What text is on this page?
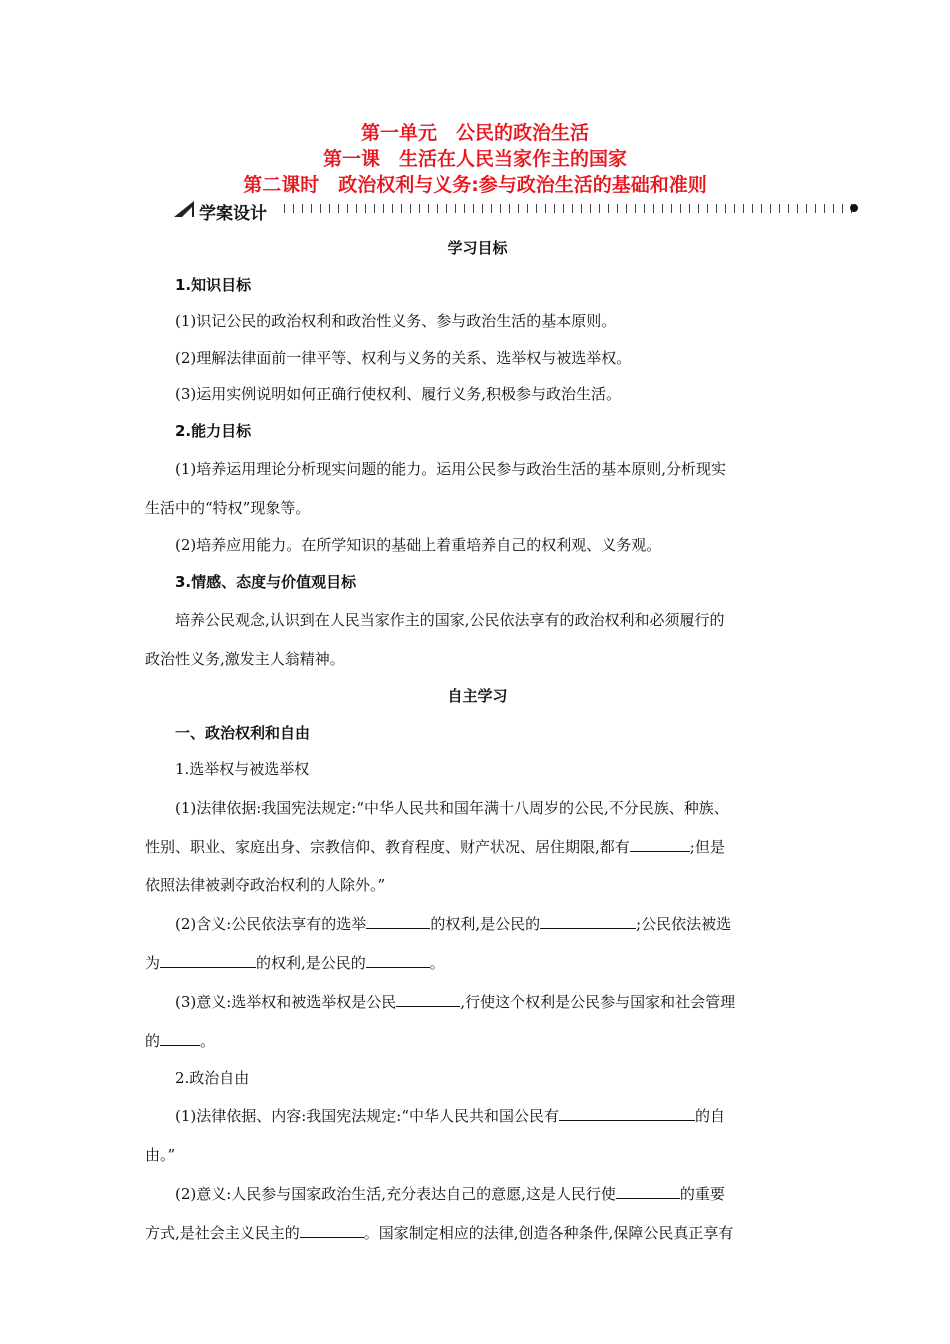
第一单元　公民的政治生活
第一课　生活在人民当家作主的国家
第二课时　政治权利与义务:参与政治生活的基础和准则
学案设计
学习目标
1.知识目标
(1)识记公民的政治权利和政治性义务、参与政治生活的基本原则。
(2)理解法律面前一律平等、权利与义务的关系、选举权与被选举权。
(3)运用实例说明如何正确行使权利、履行义务,积极参与政治生活。
2.能力目标
(1)培养运用理论分析现实问题的能力。运用公民参与政治生活的基本原则,分析现实
生活中的“特权”现象等。
(2)培养应用能力。在所学知识的基础上着重培养自己的权利观、义务观。
3.情感、态度与价值观目标
培养公民观念,认识到在人民当家作主的国家,公民依法享有的政治权利和必须履行的
政治性义务,激发主人翁精神。
自主学习
一、政治权利和自由
1.选举权与被选举权
(1)法律依据:我国宪法规定:“中华人民共和国年满十八周岁的公民,不分民族、种族、
性别、职业、家庭出身、宗教信仰、教育程度、财产状况、居住期限,都有	;但是
依照法律被剥夺政治权利的人除外。”
(2)含义:公民依法享有的选举	的权利,是公民的	;公民依法被选
为	的权利,是公民的	。
(3)意义:选举权和被选举权是公民	,行使这个权利是公民参与国家和社会管理
的	。
2.政治自由
(1)法律依据、内容:我国宪法规定:“中华人民共和国公民有	的自
由。”
(2)意义:人民参与国家政治生活,充分表达自己的意愿,这是人民行使	的重要
方式,是社会主义民主的	。国家制定相应的法律,创造各种条件,保障公民真正享有
